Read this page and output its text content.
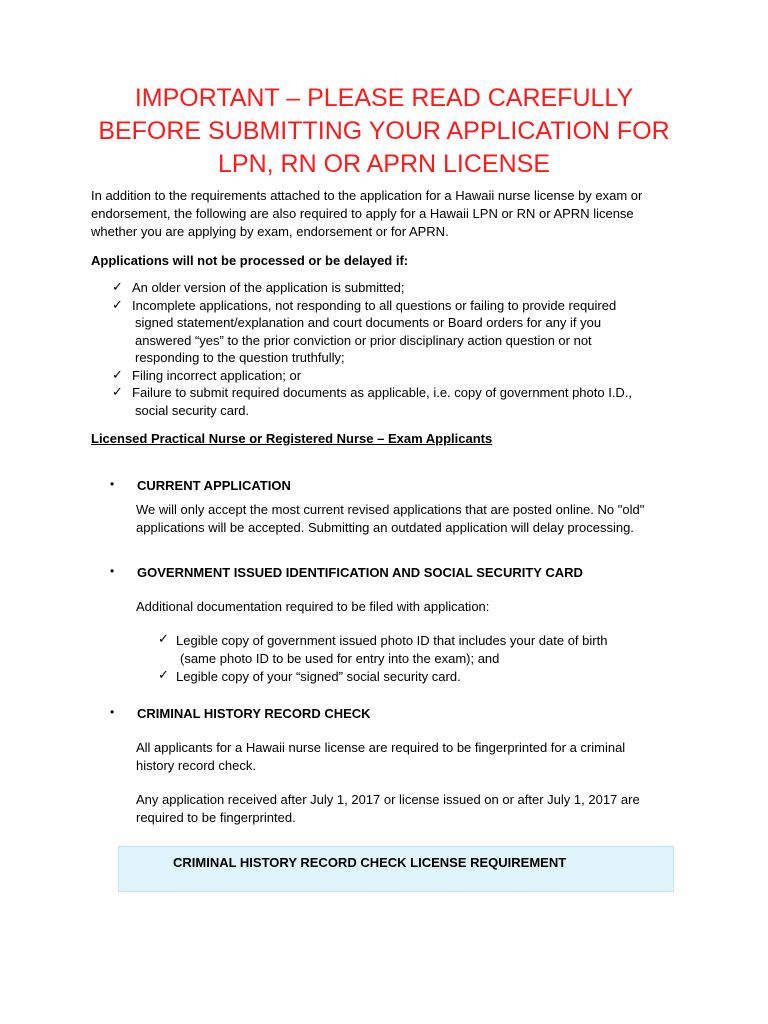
IMPORTANT – PLEASE READ CAREFULLY
BEFORE SUBMITTING YOUR APPLICATION FOR
LPN, RN OR APRN LICENSE

In addition to the requirements attached to the application for a Hawaii nurse license by exam or
endorsement, the following are also required to apply for a Hawaii LPN or RN or APRN license
whether you are applying by exam, endorsement or for APRN.

Applications will not be processed or be delayed if:

✓ An older version of the application is submitted;
✓ Incomplete applications, not responding to all questions or failing to provide required
signed statement/explanation and court documents or Board orders for any if you
answered “yes” to the prior conviction or prior disciplinary action question or not
responding to the question truthfully;
✓ Filing incorrect application; or
✓ Failure to submit required documents as applicable, i.e. copy of government photo I.D.,
social security card.

Licensed Practical Nurse or Registered Nurse – Exam Applicants

• CURRENT APPLICATION

We will only accept the most current revised applications that are posted online. No "old"
applications will be accepted. Submitting an outdated application will delay processing.

• GOVERNMENT ISSUED IDENTIFICATION AND SOCIAL SECURITY CARD

Additional documentation required to be filed with application:

✓ Legible copy of government issued photo ID that includes your date of birth
(same photo ID to be used for entry into the exam); and
✓ Legible copy of your “signed” social security card.
• CRIMINAL HISTORY RECORD CHECK

All applicants for a Hawaii nurse license are required to be fingerprinted for a criminal
history record check.

Any application received after July 1, 2017 or license issued on or after July 1, 2017 are
required to be fingerprinted.

CRIMINAL HISTORY RECORD CHECK LICENSE REQUIREMENT
